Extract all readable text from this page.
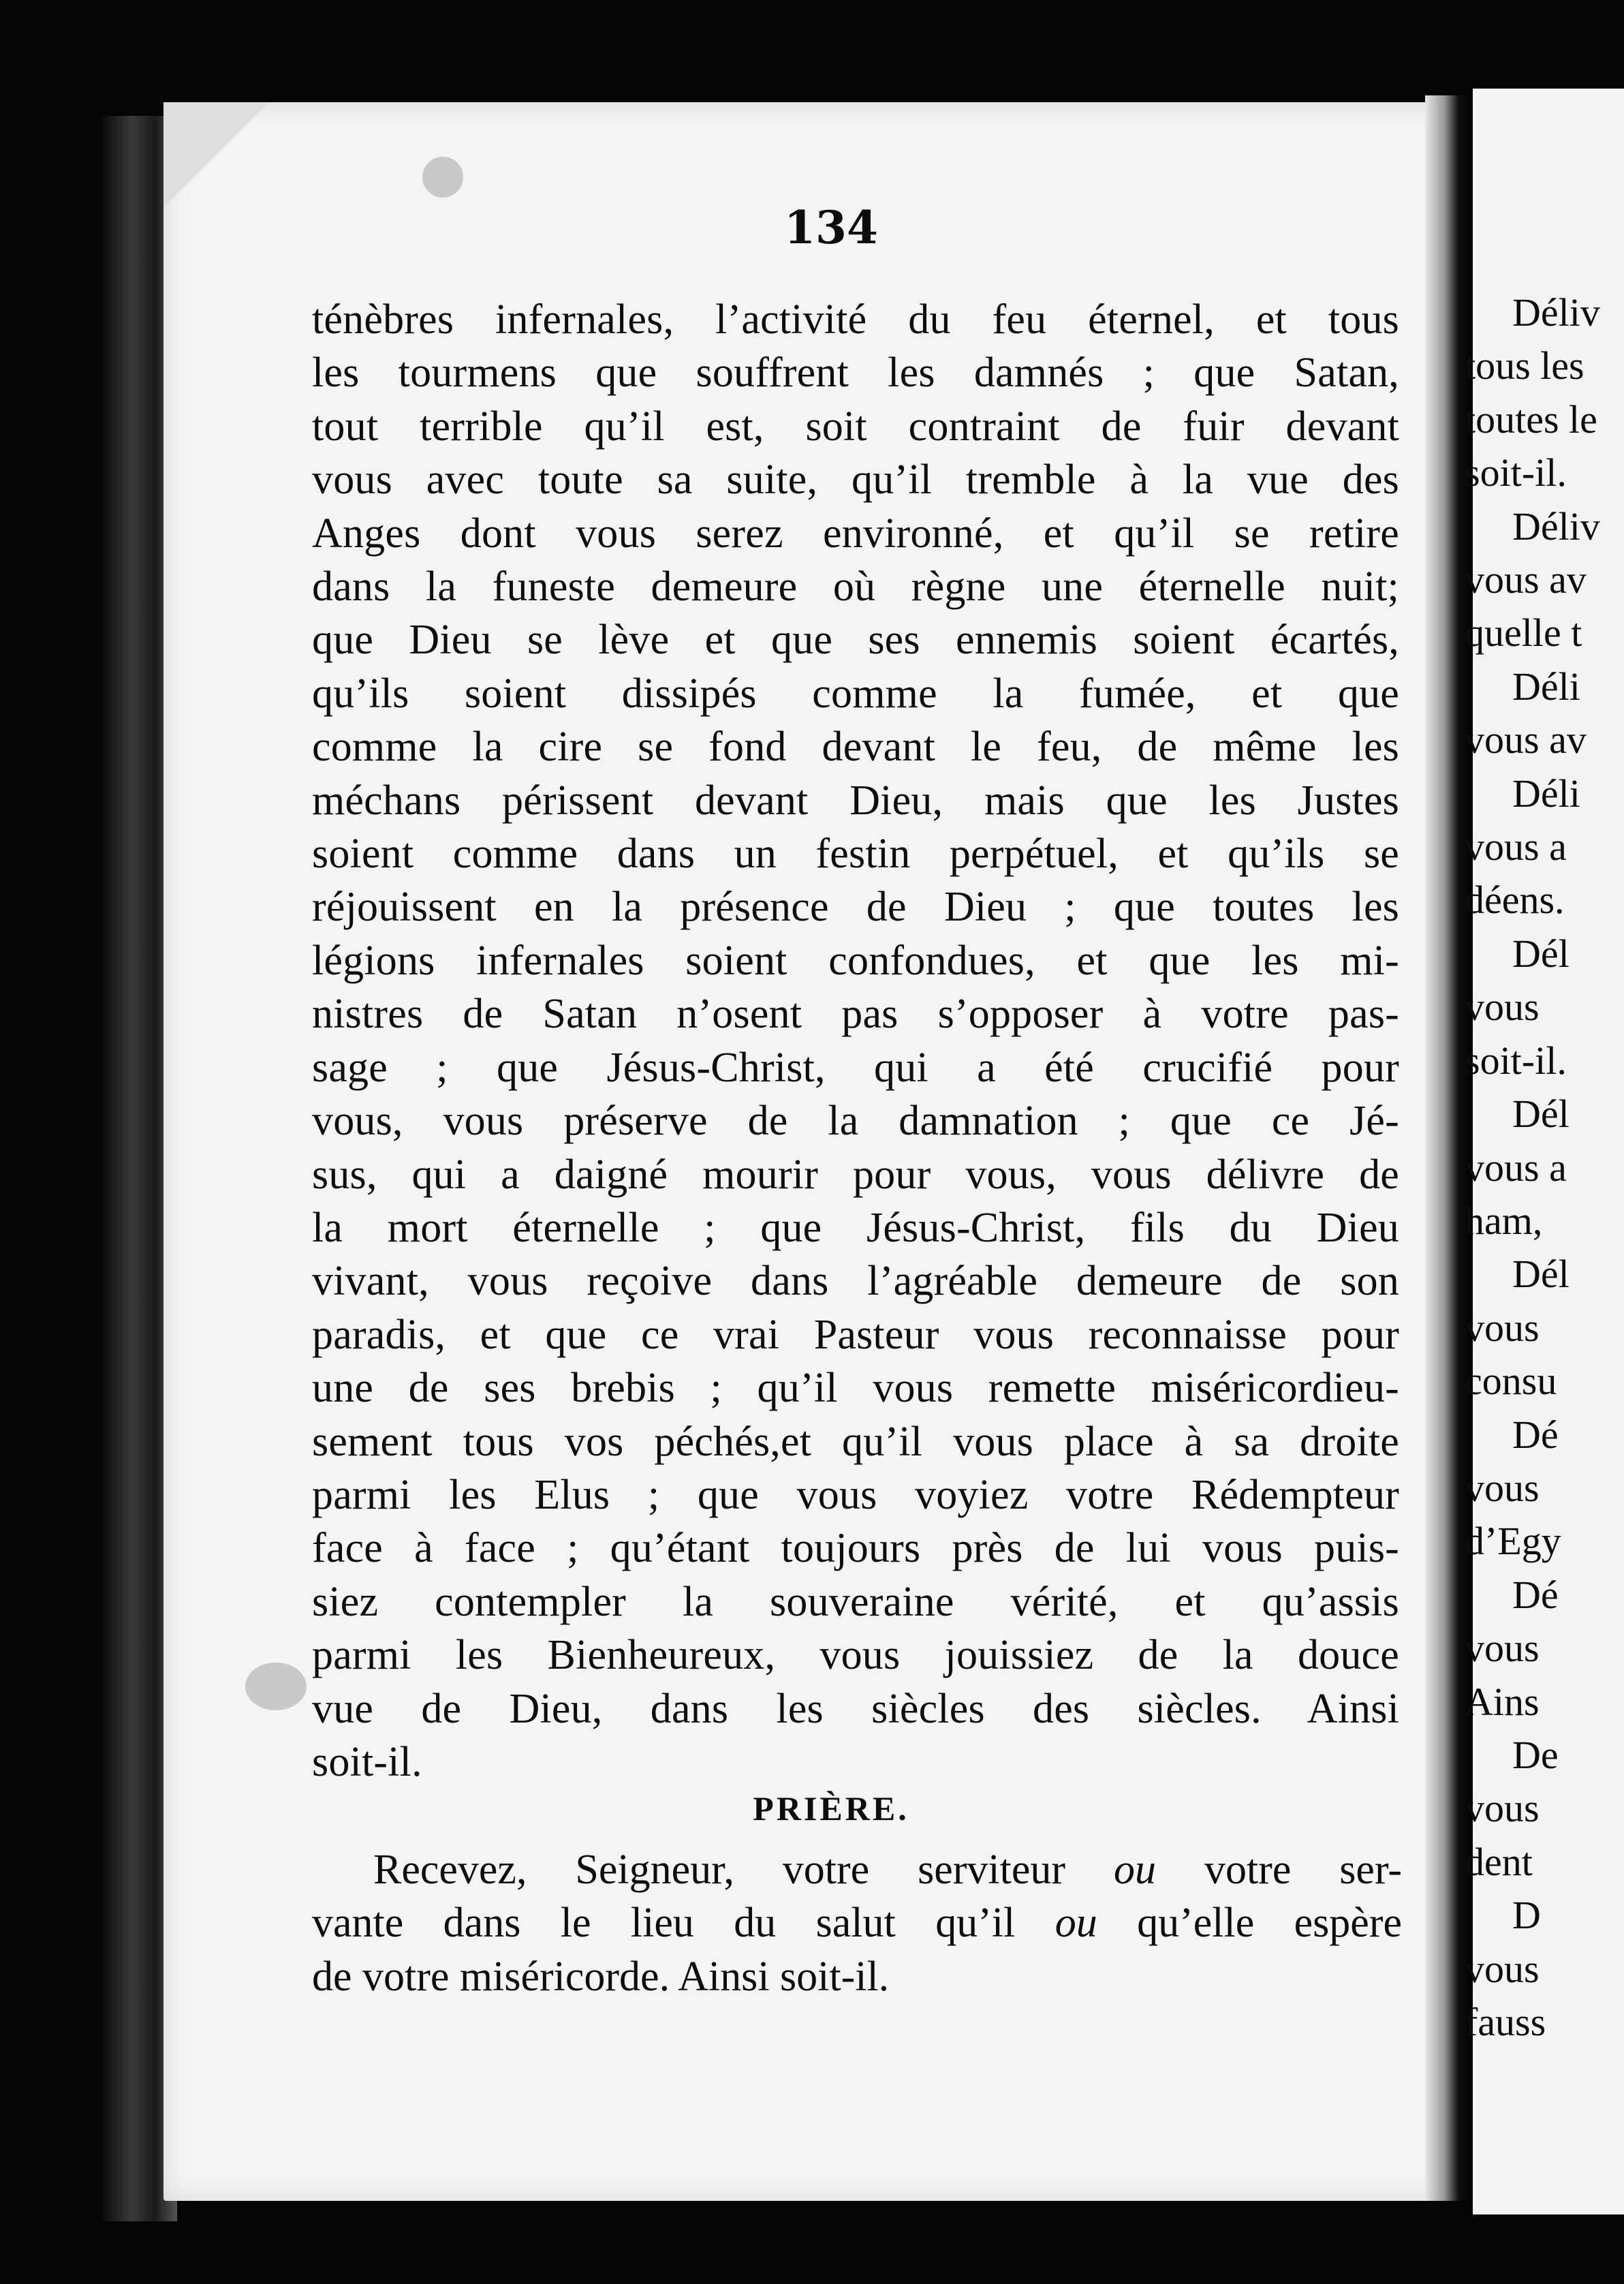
134
ténèbres infernales, l’activité du feu éternel, et tous
les tourmens que souffrent les damnés ; que Satan,
tout terrible qu’il est, soit contraint de fuir devant
vous avec toute sa suite, qu’il tremble à la vue des
Anges dont vous serez environné, et qu’il se retire
dans la funeste demeure où règne une éternelle nuit;
que Dieu se lève et que ses ennemis soient écartés,
qu’ils soient dissipés comme la fumée, et que
comme la cire se fond devant le feu, de même les
méchans périssent devant Dieu, mais que les Justes
soient comme dans un festin perpétuel, et qu’ils se
réjouissent en la présence de Dieu ; que toutes les
légions infernales soient confondues, et que les mi-
nistres de Satan n’osent pas s’opposer à votre pas-
sage ; que Jésus-Christ, qui a été crucifié pour
vous, vous préserve de la damnation ; que ce Jé-
sus, qui a daigné mourir pour vous, vous délivre de
la mort éternelle ; que Jésus-Christ, fils du Dieu
vivant, vous reçoive dans l’agréable demeure de son
paradis, et que ce vrai Pasteur vous reconnaisse pour
une de ses brebis ; qu’il vous remette miséricordieu-
sement tous vos péchés,et qu’il vous place à sa droite
parmi les Elus ; que vous voyiez votre Rédempteur
face à face ; qu’étant toujours près de lui vous puis-
siez contempler la souveraine vérité, et qu’assis
parmi les Bienheureux, vous jouissiez de la douce
vue de Dieu, dans les siècles des siècles. Ainsi
soit-il.
PRIÈRE.
Recevez, Seigneur, votre serviteur ou votre ser-
vante dans le lieu du salut qu’il ou qu’elle espère
de votre miséricorde. Ainsi soit-il.
Déliv
tous les
toutes le
soit-il.
Déliv
vous av
quelle t
Déli
vous av
Déli
vous a
déens.
Dél
vous
soit-il.
Dél
vous a
ham,
Dél
vous
consu
Dé
vous
d’Egy
Dé
vous
Ains
De
vous
dent
D
vous
fauss
